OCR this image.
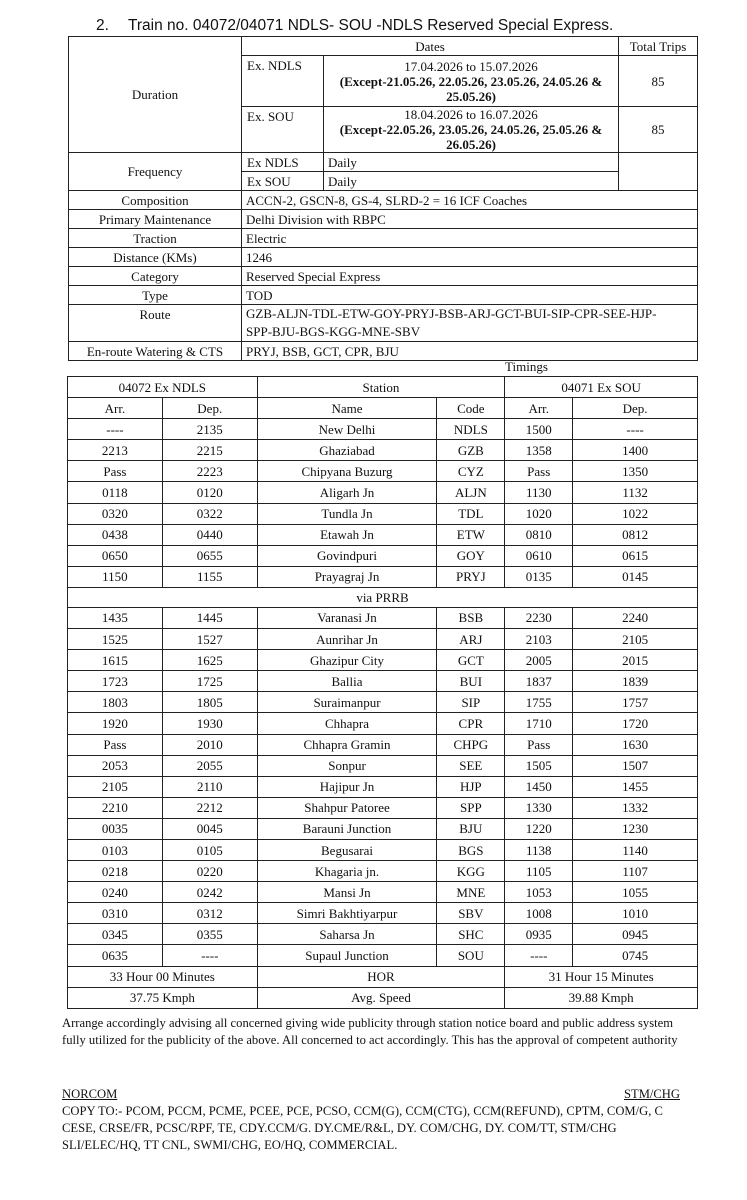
2. Train no. 04072/04071 NDLS- SOU -NDLS Reserved Special Express.
Duration	Dates		Total Trips
	Ex. NDLS	17.04.2026 to 15.07.2026
(Except-21.05.26, 22.05.26, 23.05.26, 24.05.26 & 25.05.26)	85
	Ex. SOU	18.04.2026 to 16.07.2026
(Except-22.05.26, 23.05.26, 24.05.26, 25.05.26 & 26.05.26)	85
Frequency	Ex NDLS	Daily	
	Ex SOU	Daily	
Composition	ACCN-2, GSCN-8, GS-4, SLRD-2 = 16 ICF Coaches		
Primary Maintenance	Delhi Division with RBPC		
Traction	Electric		
Distance (KMs)	1246		
Category	Reserved Special Express		
Type	TOD		
Route	GZB-ALJN-TDL-ETW-GOY-PRYJ-BSB-ARJ-GCT-BUI-SIP-CPR-SEE-HJP-
SPP-BJU-BGS-KGG-MNE-SBV		

En-route Watering & CTS	PRYJ, BSB, GCT, CPR, BJU		
Timings
04072 Ex NDLS		Station		04071 Ex SOU	
Arr.	Dep.	Name	Code	Arr.	Dep.
----	2135	New Delhi	NDLS	1500	----
2213	2215	Ghaziabad	GZB	1358	1400
Pass	2223	Chipyana Buzurg	CYZ	Pass	1350
0118	0120	Aligarh Jn	ALJN	1130	1132
0320	0322	Tundla Jn	TDL	1020	1022
0438	0440	Etawah Jn	ETW	0810	0812
0650	0655	Govindpuri	GOY	0610	0615
1150	1155	Prayagraj Jn	PRYJ	0135	0145
via PRRB					
1435	1445	Varanasi Jn	BSB	2230	2240
1525	1527	Aunrihar Jn	ARJ	2103	2105
1615	1625	Ghazipur City	GCT	2005	2015
1723	1725	Ballia	BUI	1837	1839
1803	1805	Suraimanpur	SIP	1755	1757
1920	1930	Chhapra	CPR	1710	1720
Pass	2010	Chhapra Gramin	CHPG	Pass	1630
2053	2055	Sonpur	SEE	1505	1507
2105	2110	Hajipur Jn	HJP	1450	1455
2210	2212	Shahpur Patoree	SPP	1330	1332
0035	0045	Barauni Junction	BJU	1220	1230
0103	0105	Begusarai	BGS	1138	1140
0218	0220	Khagaria jn.	KGG	1105	1107
0240	0242	Mansi Jn	MNE	1053	1055
0310	0312	Simri Bakhtiyarpur	SBV	1008	1010
0345	0355	Saharsa Jn	SHC	0935	0945
0635	----	Supaul Junction	SOU	----	0745
33 Hour 00 Minutes		HOR		31 Hour 15 Minutes	
37.75 Kmph		Avg. Speed		39.88 Kmph	
Arrange accordingly advising all concerned giving wide publicity through station notice board and public address system
fully utilized for the publicity of the above. All concerned to act accordingly. This has the approval of competent authority
NORCOM	STM/CHG
COPY TO:- PCOM, PCCM, PCME, PCEE, PCE, PCSO, CCM(G), CCM(CTG), CCM(REFUND), CPTM, COM/G, C
CESE, CRSE/FR, PCSC/RPF, TE, CDY.CCM/G. DY.CME/R&L, DY. COM/CHG, DY. COM/TT, STM/CHG
SLI/ELEC/HQ, TT CNL, SWMI/CHG, EO/HQ, COMMERCIAL.
